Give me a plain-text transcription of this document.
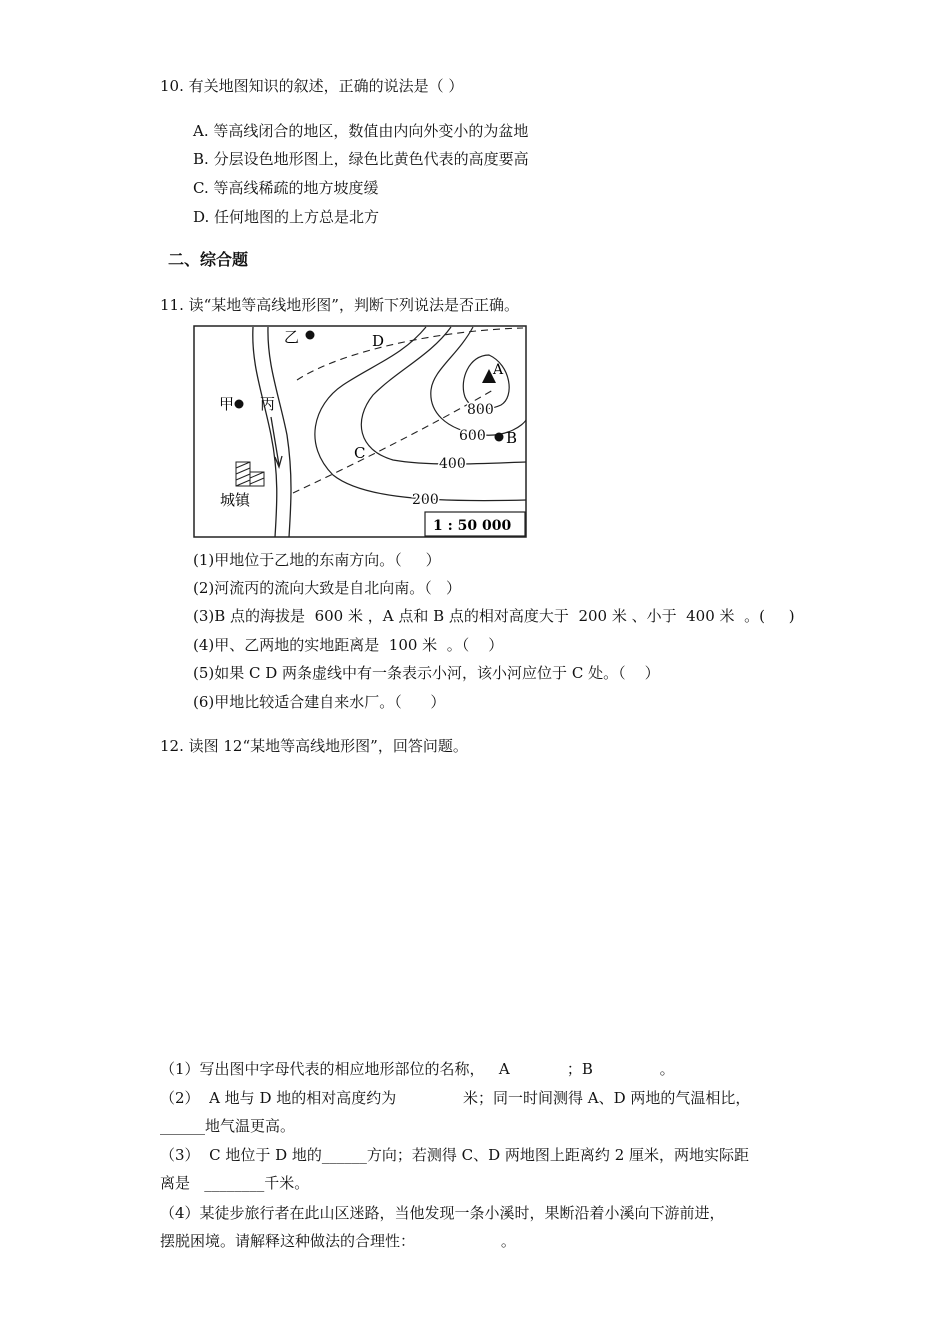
10. 有关地图知识的叙述，正确的说法是（ ）
A. 等高线闭合的地区，数值由内向外变小的为盆地
B. 分层设色地形图上，绿色比黄色代表的高度要高
C. 等高线稀疏的地方坡度缓
D. 任何地图的上方总是北方
二、综合题
11. 读“某地等高线地形图”，判断下列说法是否正确。
乙
甲 丙
城镇
D
C
A
B
800
600
400
200
1 : 50 000
(1)甲地位于乙地的东南方向。（     ）
(2)河流丙的流向大致是自北向南。（   ）
(3)B 点的海拔是  600 米 ，A 点和 B 点的相对高度大于  200 米 、小于  400 米  。(     )
(4)甲、乙两地的实地距离是  100 米  。（    ）
(5)如果 C D 两条虚线中有一条表示小河，该小河应位于 C 处。（    ）
(6)甲地比较适合建自来水厂。（      ）
12. 读图 12“某地等高线地形图”，回答问题。
（1）写出图中字母代表的相应地形部位的名称，   A            ；B              。
（2）  A 地与 D 地的相对高度约为              米；同一时间测得 A、D 两地的气温相比，
______地气温更高。
（3）  C 地位于 D 地的______方向；若测得 C、D 两地图上距离约 2 厘米，两地实际距
离是   ________千米。
（4）某徒步旅行者在此山区迷路，当他发现一条小溪时，果断沿着小溪向下游前进，
摆脱困境。请解释这种做法的合理性：                  。
